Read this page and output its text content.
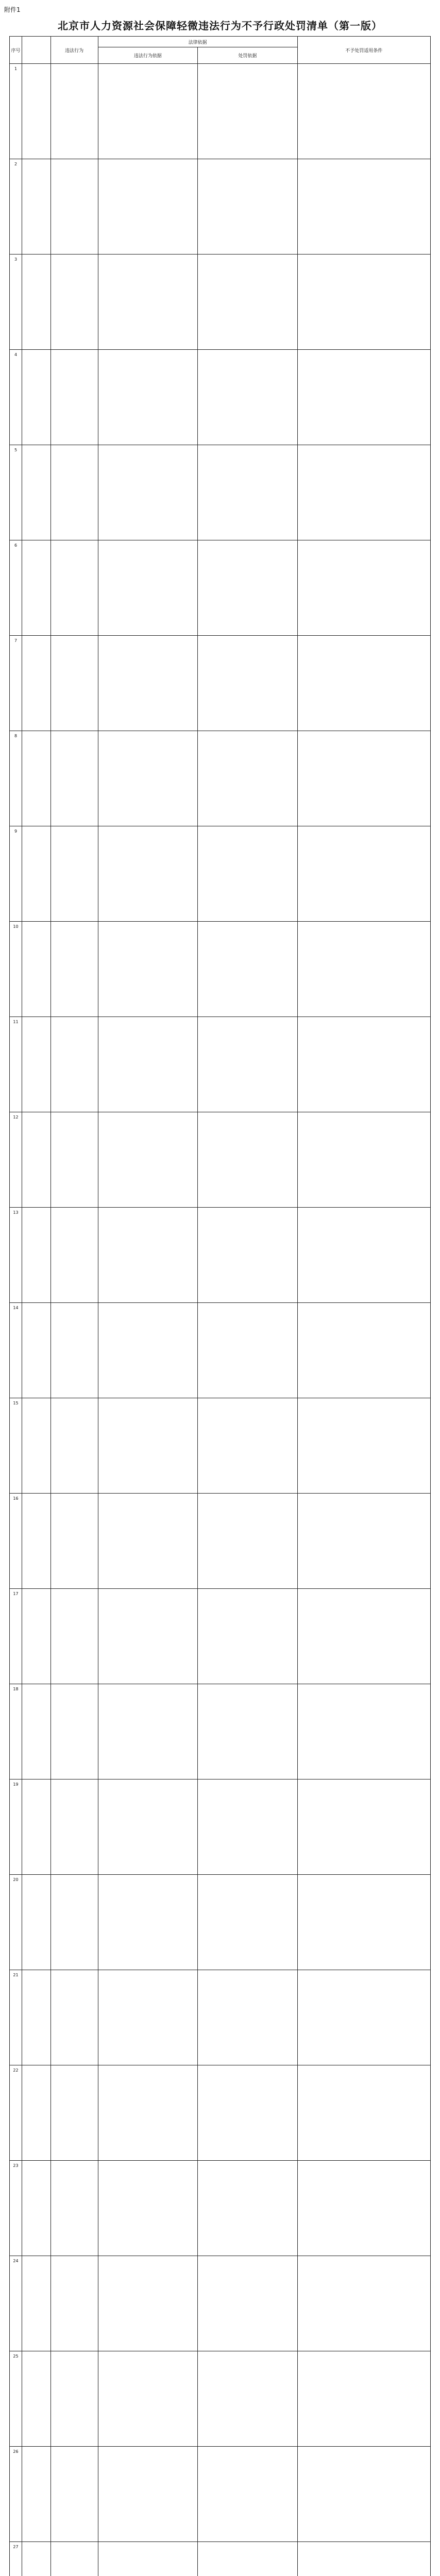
附件1
北京市人力资源社会保障轻微违法行为不予行政处罚清单（第一版）
序号	违法行为
法律依据
违法行为依据	处罚依据
不予处罚适用条件
1
2
3
4
5
6
7
8
9
10
11
12
13
14
15
16
17
18
19
20
21
22
23
24
25
26
27
